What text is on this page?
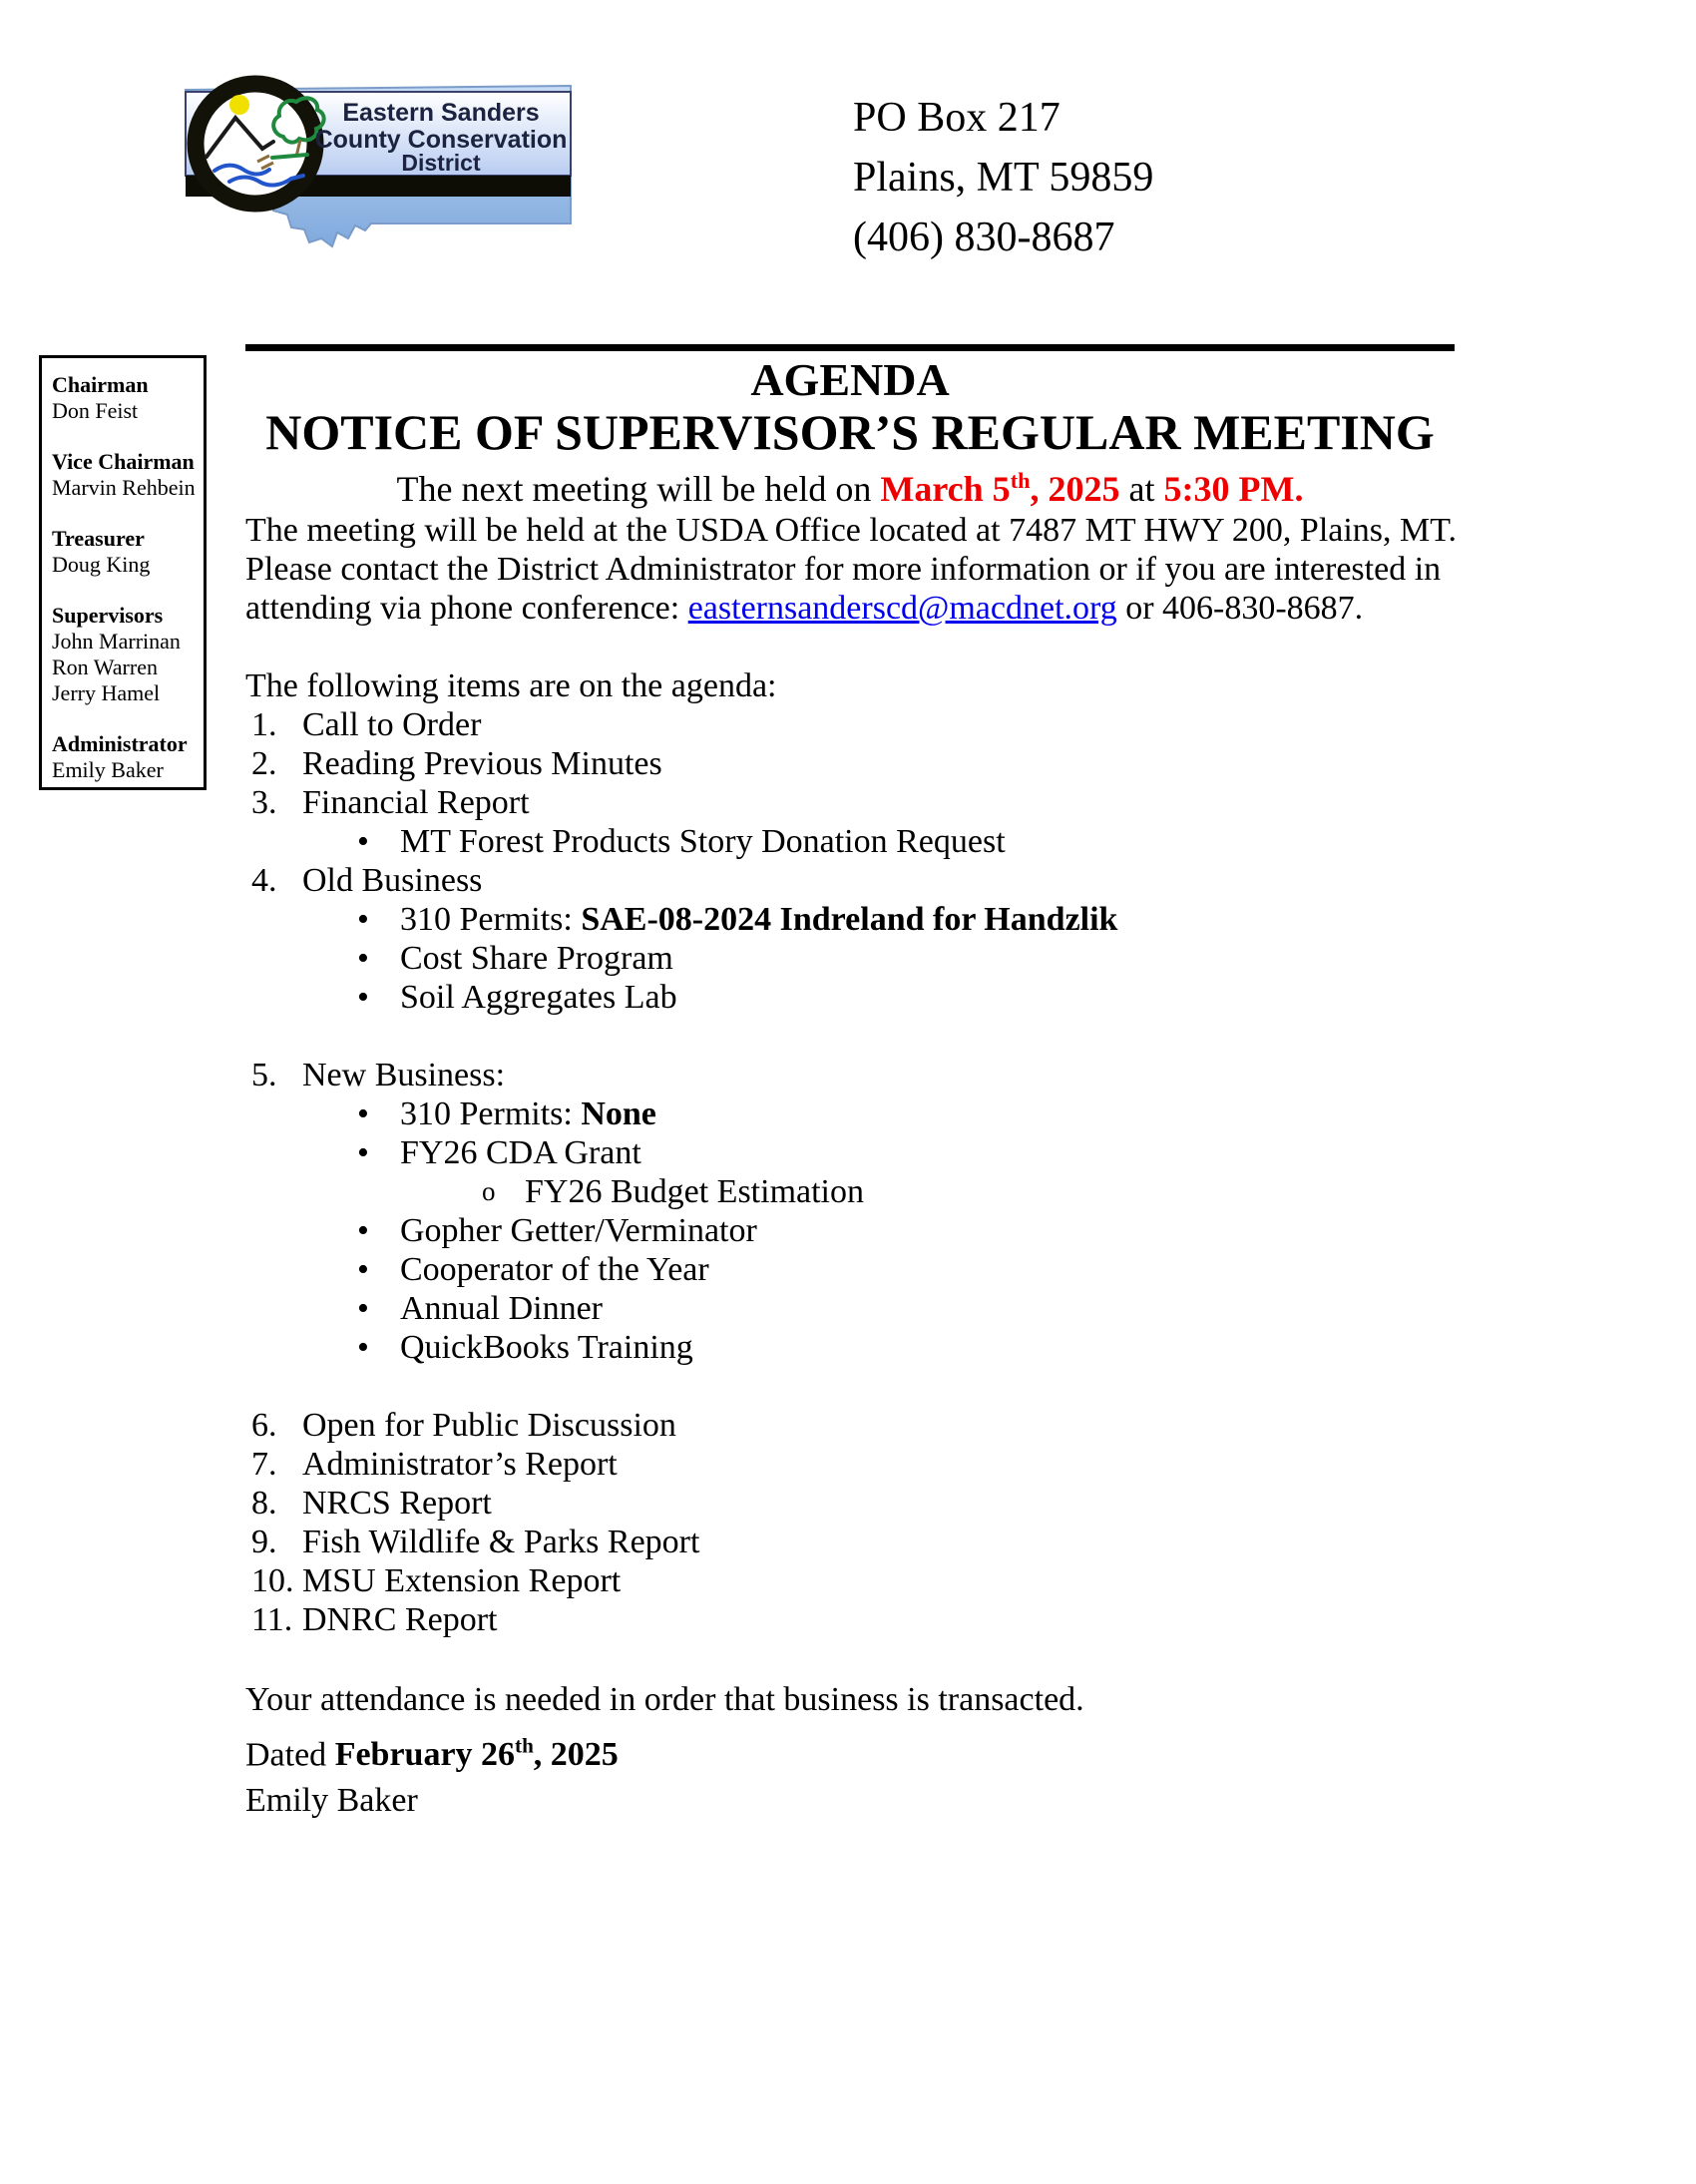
Eastern Sanders
County Conservation
District
PO Box 217
Plains, MT 59859
(406) 830-8687
Chairman
Don Feist
Vice Chairman
Marvin Rehbein
Treasurer
Doug King
Supervisors
John Marrinan
Ron Warren
Jerry Hamel
Administrator
Emily Baker
AGENDA
NOTICE OF SUPERVISOR’S REGULAR MEETING
The next meeting will be held on March 5th, 2025 at 5:30 PM.
The meeting will be held at the USDA Office located at 7487 MT HWY 200, Plains, MT.
Please contact the District Administrator for more information or if you are interested in
attending via phone conference: easternsanderscd@macdnet.org or 406-830-8687.
The following items are on the agenda:
1. Call to Order
2. Reading Previous Minutes
3. Financial Report
• MT Forest Products Story Donation Request
4. Old Business
• 310 Permits: SAE-08-2024 Indreland for Handzlik
• Cost Share Program
• Soil Aggregates Lab
5. New Business:
• 310 Permits: None
• FY26 CDA Grant
o FY26 Budget Estimation
• Gopher Getter/Verminator
• Cooperator of the Year
• Annual Dinner
• QuickBooks Training
6. Open for Public Discussion
7. Administrator’s Report
8. NRCS Report
9. Fish Wildlife & Parks Report
10. MSU Extension Report
11. DNRC Report
Your attendance is needed in order that business is transacted.
Dated February 26th, 2025
Emily Baker
